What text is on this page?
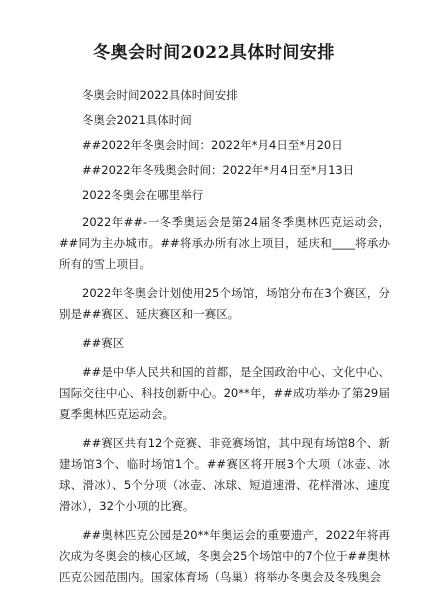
冬奥会时间2022具体时间安排

冬奥会时间2022具体时间安排

冬奥会2021具体时间

##2022年冬奥会时间：2022年*月4日至*月20日

##2022年冬残奥会时间：2022年*月4日至*月13日

2022冬奥会在哪里举行

2022年##-一冬季奥运会是第24届冬季奥林匹克运动会，##同为主办城市。##将承办所有冰上项目，延庆和____将承办所有的雪上项目。

2022年冬奥会计划使用25个场馆，场馆分布在3个赛区，分别是##赛区、延庆赛区和一赛区。

##赛区

##是中华人民共和国的首都，是全国政治中心、文化中心、国际交往中心、科技创新中心。20**年，##成功举办了第29届夏季奥林匹克运动会。

##赛区共有12个竞赛、非竞赛场馆，其中现有场馆8个、新建场馆3个、临时场馆1个。##赛区将开展3个大项（冰壶、冰球、滑冰）、5个分项（冰壶、冰球、短道速滑、花样滑冰、速度滑冰），32个小项的比赛。

##奥林匹克公园是20**年奥运会的重要遗产，2022年将再次成为冬奥会的核心区域，冬奥会25个场馆中的7个位于##奥林匹克公园范围内。国家体育场（鸟巢）将举办冬奥会及冬残奥会
